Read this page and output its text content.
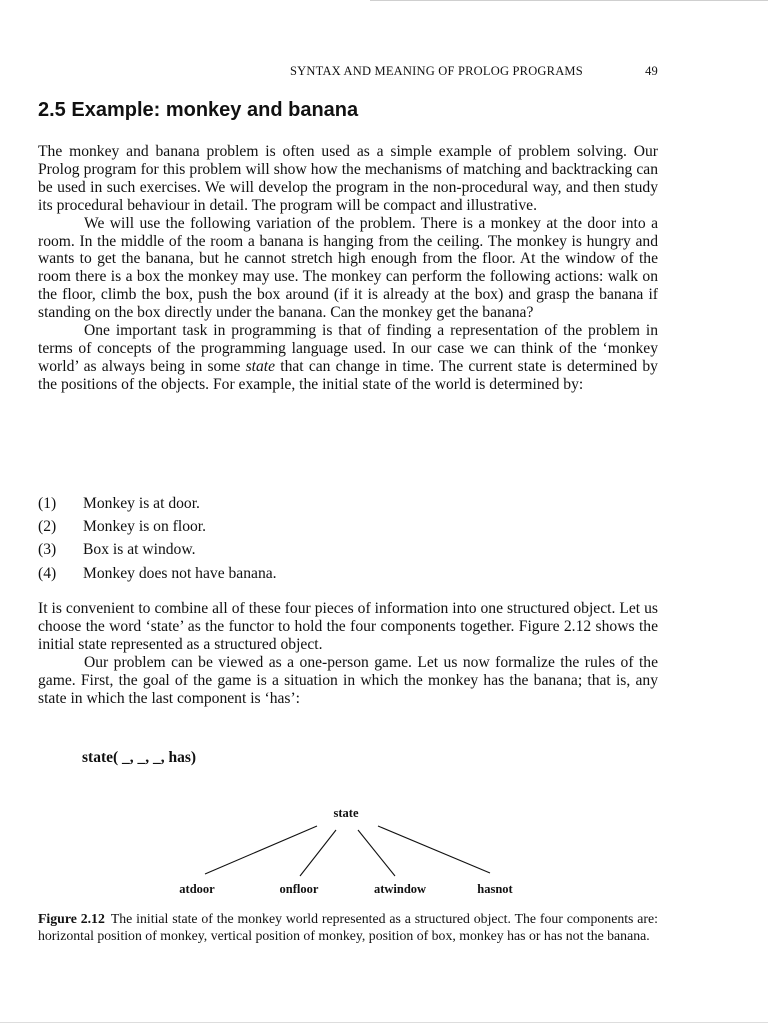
SYNTAX AND MEANING OF PROLOG PROGRAMS	49
2.5 Example: monkey and banana

The monkey and banana problem is often used as a simple example of problem solving. Our Prolog program for this problem will show how the mechanisms of matching and backtracking can be used in such exercises. We will develop the program in the non-procedural way, and then study its procedural behaviour in detail. The program will be compact and illustrative.

We will use the following variation of the problem. There is a monkey at the door into a room. In the middle of the room a banana is hanging from the ceiling. The monkey is hungry and wants to get the banana, but he cannot stretch high enough from the floor. At the window of the room there is a box the monkey may use. The monkey can perform the following actions: walk on the floor, climb the box, push the box around (if it is already at the box) and grasp the banana if standing on the box directly under the banana. Can the monkey get the banana?

One important task in programming is that of finding a representation of the problem in terms of concepts of the programming language used. In our case we can think of the ‘monkey world’ as always being in some state that can change in time. The current state is determined by the positions of the objects. For example, the initial state of the world is determined by:

(1) Monkey is at door.
(2) Monkey is on floor.
(3) Box is at window.
(4) Monkey does not have banana.

It is convenient to combine all of these four pieces of information into one structured object. Let us choose the word ‘state’ as the functor to hold the four components together. Figure 2.12 shows the initial state represented as a structured object.

Our problem can be viewed as a one-person game. Let us now formalize the rules of the game. First, the goal of the game is a situation in which the monkey has the banana; that is, any state in which the last component is ‘has’:

state( _, _, _, has)
state
atdoor	onfloor	atwindow	hasnot
Figure 2.12 The initial state of the monkey world represented as a structured object. The four components are: horizontal position of monkey, vertical position of monkey, position of box, monkey has or has not the banana.
